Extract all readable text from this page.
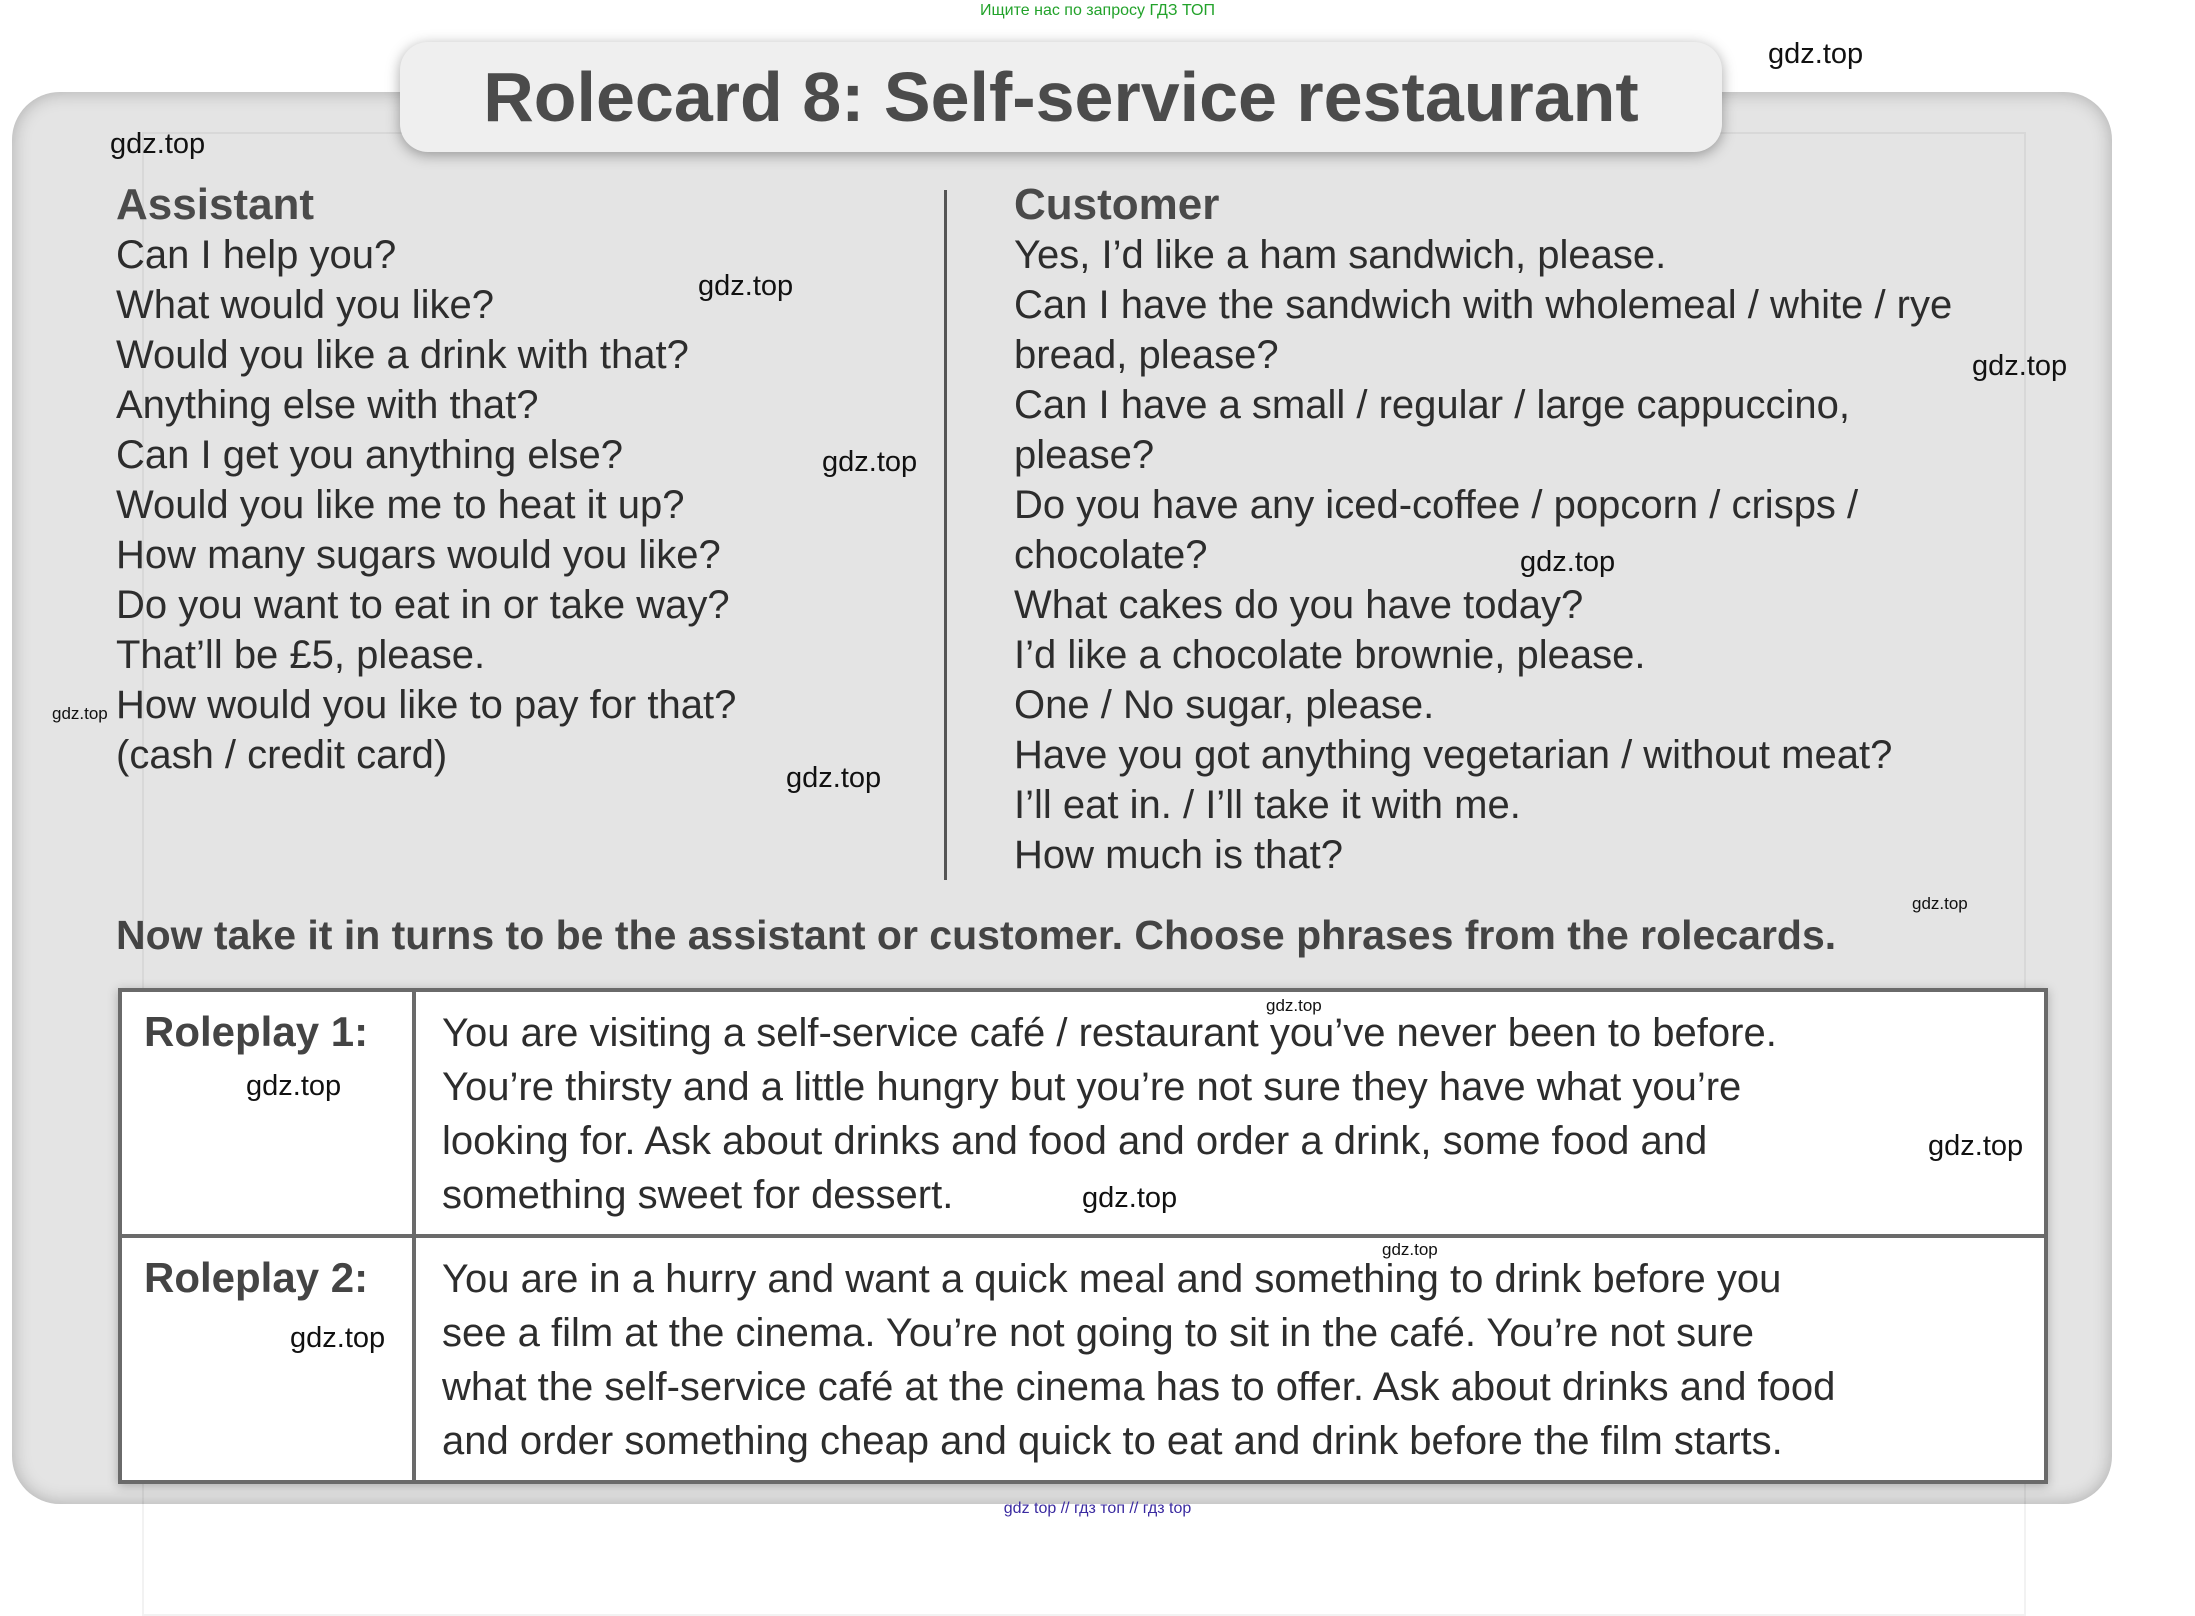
Ищите нас по запросу ГДЗ ТОП
Rolecard 8: Self-service restaurant
Assistant
Can I help you?
What would you like?
Would you like a drink with that?
Anything else with that?
Can I get you anything else?
Would you like me to heat it up?
How many sugars would you like?
Do you want to eat in or take way?
That’ll be £5, please.
How would you like to pay for that?
(cash / credit card)
Customer
Yes, I’d like a ham sandwich, please.
Can I have the sandwich with wholemeal / white / rye
bread, please?
Can I have a small / regular / large cappuccino,
please?
Do you have any iced-coffee / popcorn / crisps /
chocolate?
What cakes do you have today?
I’d like a chocolate brownie, please.
One / No sugar, please.
Have you got anything vegetarian / without meat?
I’ll eat in. / I’ll take it with me.
How much is that?
Now take it in turns to be the assistant or customer. Choose phrases from the rolecards.
Roleplay 1: You are visiting a self-service café / restaurant you’ve never been to before.
You’re thirsty and a little hungry but you’re not sure they have what you’re
looking for. Ask about drinks and food and order a drink, some food and
something sweet for dessert.
Roleplay 2: You are in a hurry and want a quick meal and something to drink before you
see a film at the cinema. You’re not going to sit in the café. You’re not sure
what the self-service café at the cinema has to offer. Ask about drinks and food
and order something cheap and quick to eat and drink before the film starts.
gdz.top
gdz.top
gdz.top
gdz.top
gdz.top
gdz.top
gdz.top
gdz.top
gdz.top
gdz.top
gdz.top
gdz.top
gdz.top
gdz.top
gdz.top
gdz top // гдз топ // гдз top
